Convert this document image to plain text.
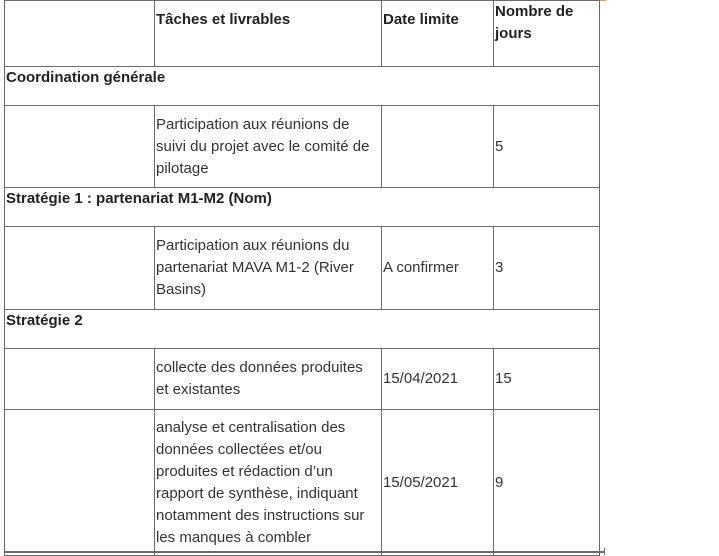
	Tâches et livrables	Date limite	Nombre de jours
Coordination générale			
	Participation aux réunions de suivi du projet avec le comité de pilotage		5
Stratégie 1 : partenariat M1-M2 (Nom)			
	Participation aux réunions du partenariat MAVA M1-2 (River Basins)	A confirmer	3
Stratégie 2			
	collecte des données produites et existantes	15/04/2021	15
	analyse et centralisation des données collectées et/ou produites et rédaction d’un rapport de synthèse, indiquant notamment des instructions sur les manques à combler	15/05/2021	9
